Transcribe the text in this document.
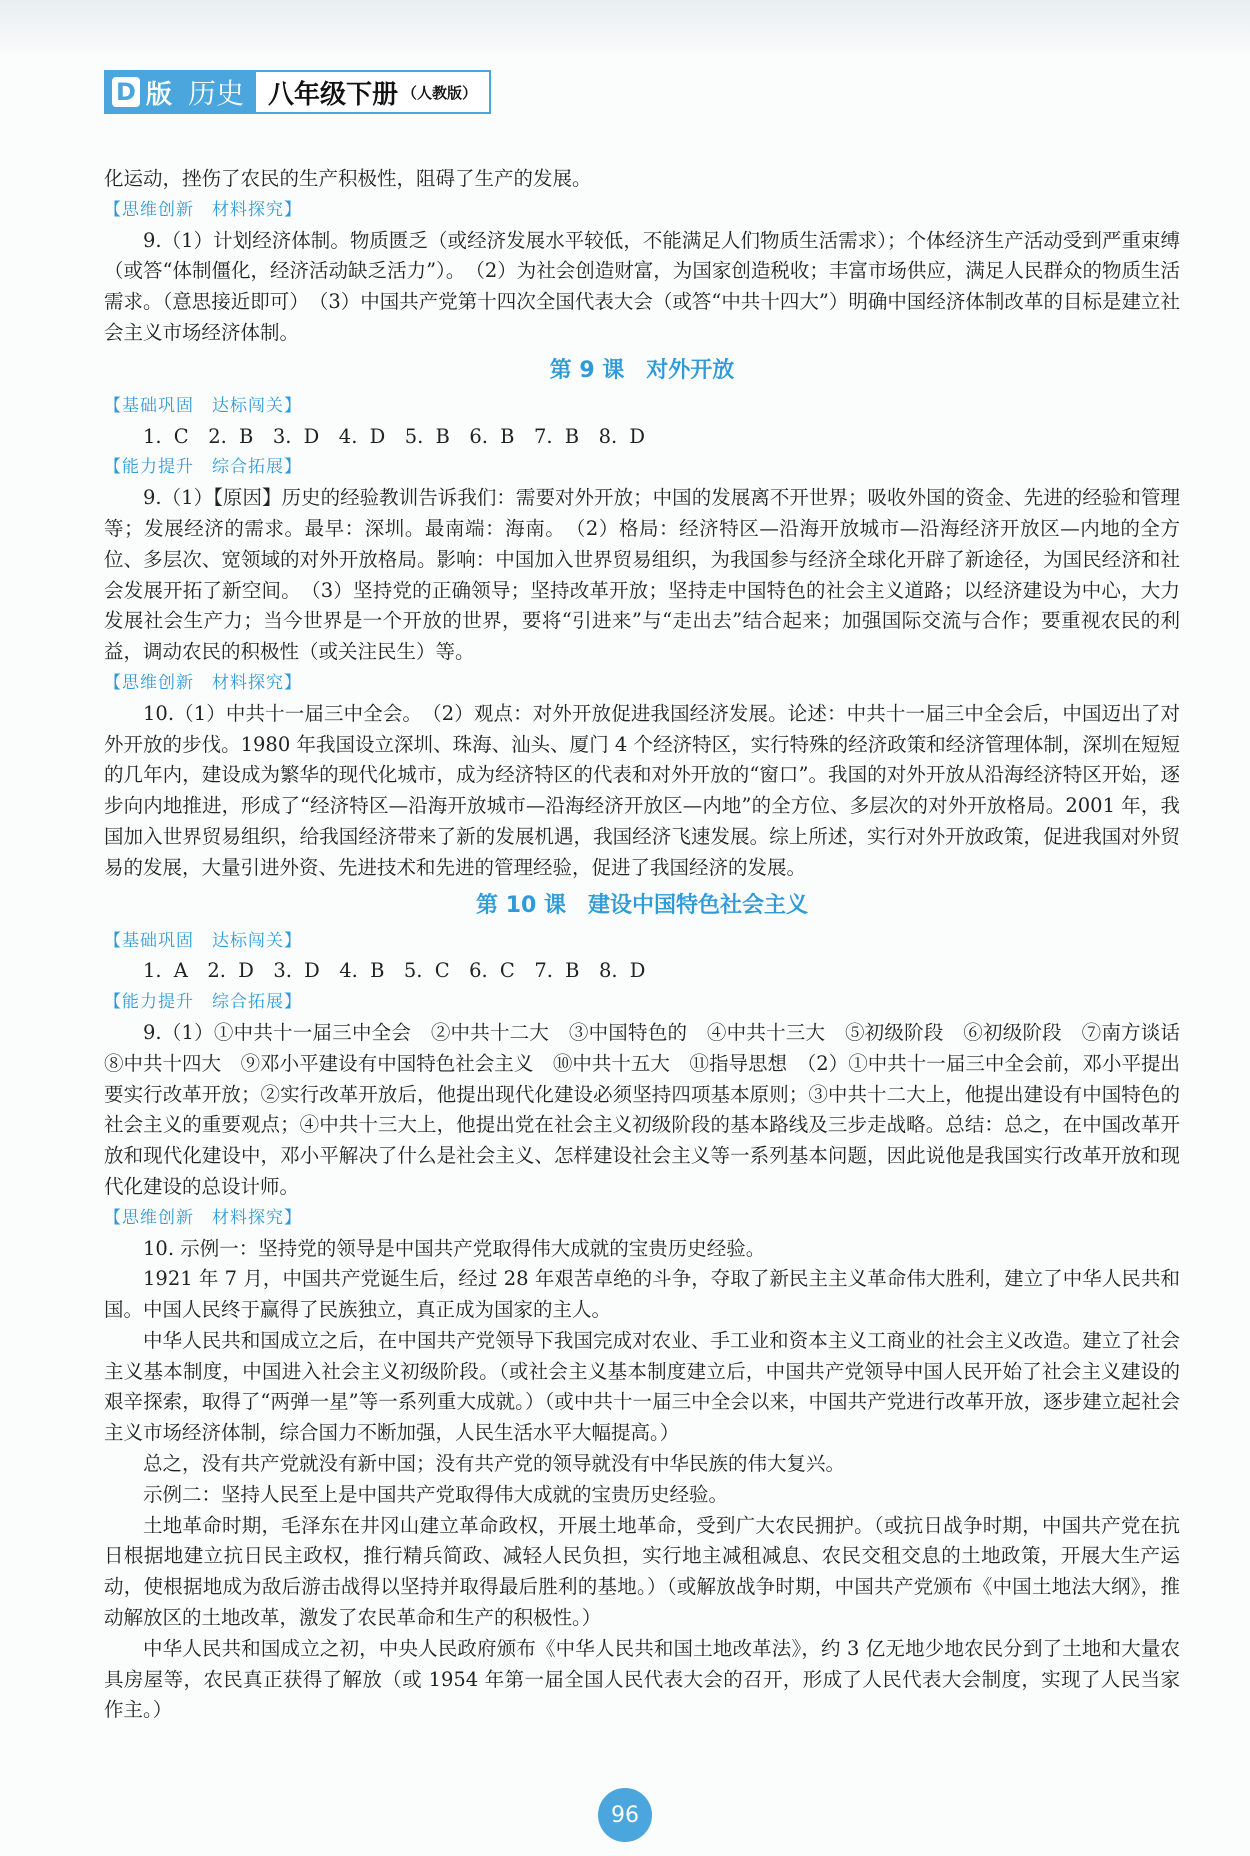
D 版 历史 八年级下册 （人教版）
化运动，挫伤了农民的生产积极性，阻碍了生产的发展。
【思维创新　材料探究】
9.（1）计划经济体制。物质匮乏（或经济发展水平较低，不能满足人们物质生活需求）；个体经济生产活动受到严重束缚（或答“体制僵化，经济活动缺乏活力”）。　（2）为社会创造财富，为国家创造税收；丰富市场供应，满足人民群众的物质生活需求。（意思接近即可）　（3）中国共产党第十四次全国代表大会（或答“中共十四大”）明确中国经济体制改革的目标是建立社会主义市场经济体制。
第 9 课　对外开放
【基础巩固　达标闯关】
1. C　2. B　3. D　4. D　5. B　6. B　7. B　8. D
【能力提升　综合拓展】
9.（1）【原因】历史的经验教训告诉我们：需要对外开放；中国的发展离不开世界；吸收外国的资金、先进的经验和管理等；发展经济的需求。最早：深圳。最南端：海南。　（2）格局：经济特区—沿海开放城市—沿海经济开放区—内地的全方位、多层次、宽领域的对外开放格局。影响：中国加入世界贸易组织，为我国参与经济全球化开辟了新途径，为国民经济和社会发展开拓了新空间。　（3）坚持党的正确领导；坚持改革开放；坚持走中国特色的社会主义道路；以经济建设为中心，大力发展社会生产力；当今世界是一个开放的世界，要将“引进来”与“走出去”结合起来；加强国际交流与合作；要重视农民的利益，调动农民的积极性（或关注民生）等。
【思维创新　材料探究】
10.（1）中共十一届三中全会。　（2）观点：对外开放促进我国经济发展。论述：中共十一届三中全会后，中国迈出了对外开放的步伐。1980 年我国设立深圳、珠海、汕头、厦门 4 个经济特区，实行特殊的经济政策和经济管理体制，深圳在短短的几年内，建设成为繁华的现代化城市，成为经济特区的代表和对外开放的“窗口”。我国的对外开放从沿海经济特区开始，逐步向内地推进，形成了“经济特区—沿海开放城市—沿海经济开放区—内地”的全方位、多层次的对外开放格局。2001 年，我国加入世界贸易组织，给我国经济带来了新的发展机遇，我国经济飞速发展。综上所述，实行对外开放政策，促进我国对外贸易的发展，大量引进外资、先进技术和先进的管理经验，促进了我国经济的发展。
第 10 课　建设中国特色社会主义
【基础巩固　达标闯关】
1. A　2. D　3. D　4. B　5. C　6. C　7. B　8. D
【能力提升　综合拓展】
9.（1）①中共十一届三中全会　②中共十二大　③中国特色的　④中共十三大　⑤初级阶段　⑥初级阶段　⑦南方谈话　⑧中共十四大　⑨邓小平建设有中国特色社会主义　⑩中共十五大　⑪指导思想　（2）①中共十一届三中全会前，邓小平提出要实行改革开放；②实行改革开放后，他提出现代化建设必须坚持四项基本原则；③中共十二大上，他提出建设有中国特色的社会主义的重要观点；④中共十三大上，他提出党在社会主义初级阶段的基本路线及三步走战略。总结：总之，在中国改革开放和现代化建设中，邓小平解决了什么是社会主义、怎样建设社会主义等一系列基本问题，因此说他是我国实行改革开放和现代化建设的总设计师。
【思维创新　材料探究】
10. 示例一：坚持党的领导是中国共产党取得伟大成就的宝贵历史经验。
1921 年 7 月，中国共产党诞生后，经过 28 年艰苦卓绝的斗争，夺取了新民主主义革命伟大胜利，建立了中华人民共和国。中国人民终于赢得了民族独立，真正成为国家的主人。
中华人民共和国成立之后，在中国共产党领导下我国完成对农业、手工业和资本主义工商业的社会主义改造。建立了社会主义基本制度，中国进入社会主义初级阶段。（或社会主义基本制度建立后，中国共产党领导中国人民开始了社会主义建设的艰辛探索，取得了“两弹一星”等一系列重大成就。）（或中共十一届三中全会以来，中国共产党进行改革开放，逐步建立起社会主义市场经济体制，综合国力不断加强，人民生活水平大幅提高。）
总之，没有共产党就没有新中国；没有共产党的领导就没有中华民族的伟大复兴。
示例二：坚持人民至上是中国共产党取得伟大成就的宝贵历史经验。
土地革命时期，毛泽东在井冈山建立革命政权，开展土地革命，受到广大农民拥护。（或抗日战争时期，中国共产党在抗日根据地建立抗日民主政权，推行精兵简政、减轻人民负担，实行地主减租减息、农民交租交息的土地政策，开展大生产运动，使根据地成为敌后游击战得以坚持并取得最后胜利的基地。）（或解放战争时期，中国共产党颁布《中国土地法大纲》，推动解放区的土地改革，激发了农民革命和生产的积极性。）
中华人民共和国成立之初，中央人民政府颁布《中华人民共和国土地改革法》，约 3 亿无地少地农民分到了土地和大量农具房屋等，农民真正获得了解放（或 1954 年第一届全国人民代表大会的召开，形成了人民代表大会制度，实现了人民当家作主。）
96
